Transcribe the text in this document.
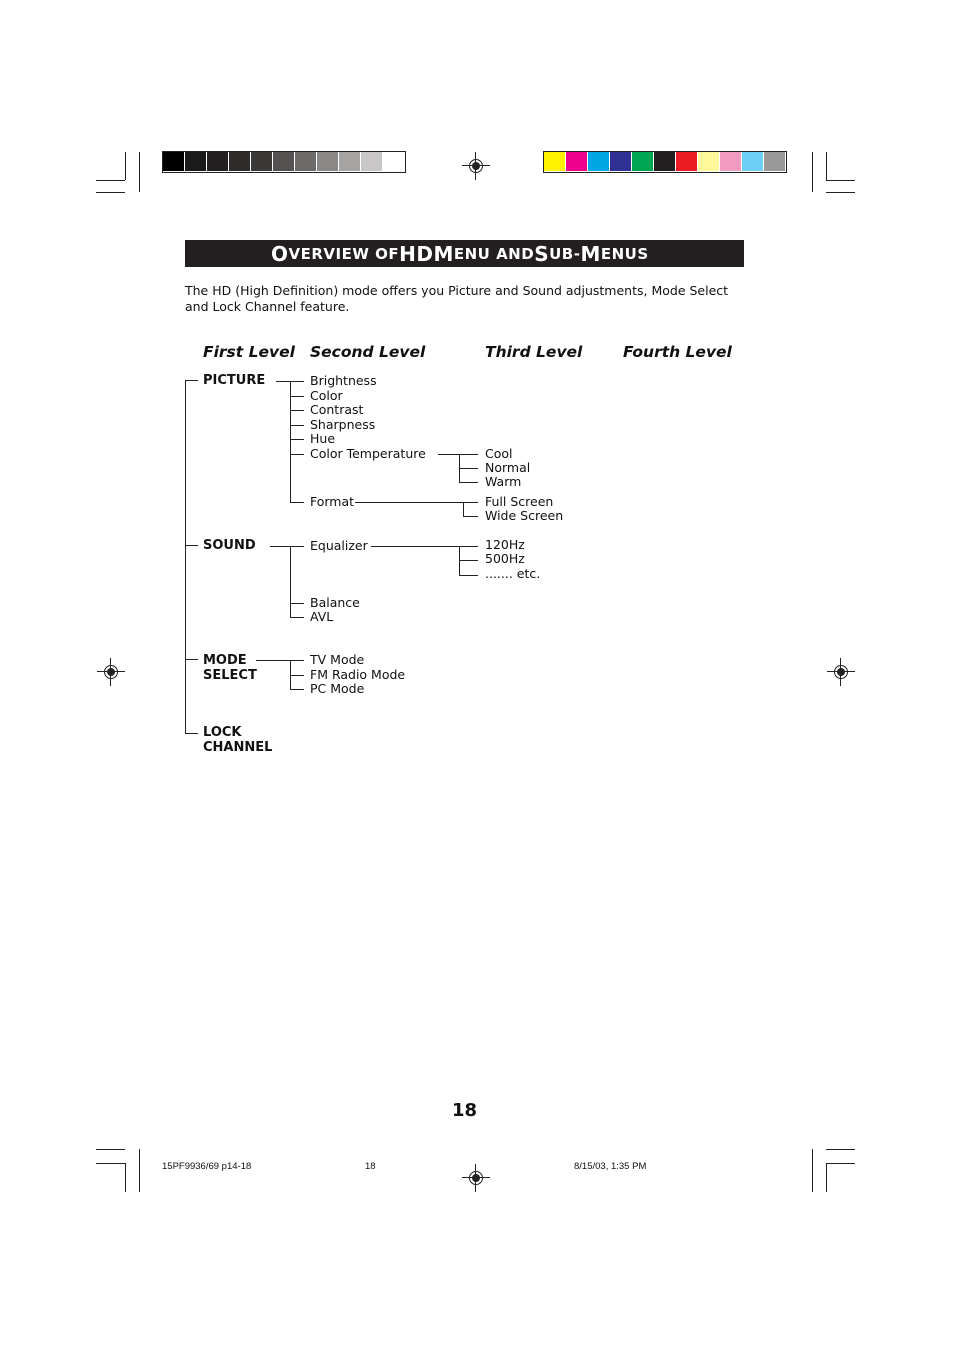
O VERVIEW OF HD M ENU AND S UB- M ENUS
The HD (High Definition) mode offers you Picture and Sound adjustments, Mode Select and Lock Channel feature.
First Level Second Level	Third Level	Fourth Level
PICTURE
SOUND
MODE
SELECT
LOCK
CHANNEL
Brightness
Color
Contrast
Sharpness
Hue
Color Temperature
Format
Cool
Normal
Warm
Full Screen
Wide Screen
Equalizer
Balance
AVL
120Hz
500Hz
....... etc.
TV Mode
FM Radio Mode
PC Mode
18
15PF9936/69 p14-18	18	8/15/03, 1:35 PM
